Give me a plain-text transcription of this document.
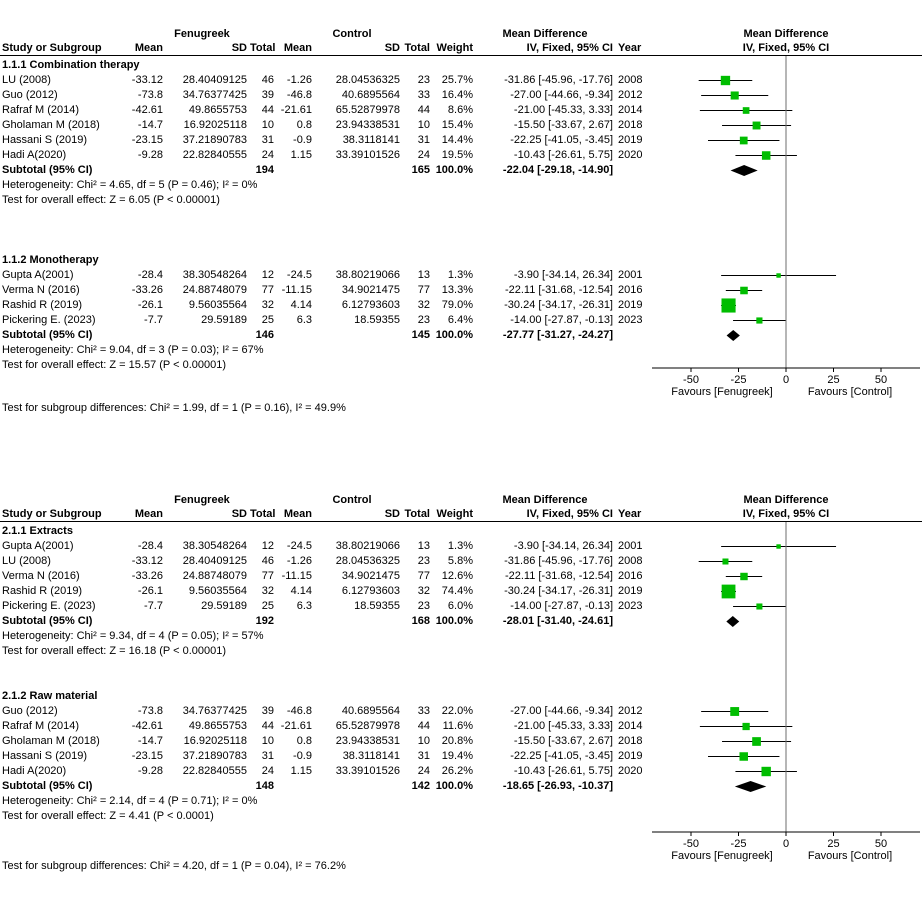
Fenugreek	Control	Mean Difference	Mean Difference
Study or Subgroup	Mean	SD Total Mean	SD Total Weight	IV, Fixed, 95% CI Year	IV, Fixed, 95% CI
1.1.1 Combination therapy
LU (2008)	-33.12	28.40409125	46	-1.26	28.04536325	23	25.7%	-31.86 [-45.96, -17.76] 2008
Guo (2012)	-73.8	34.76377425	39	-46.8	40.6895564	33	16.4%	-27.00 [-44.66, -9.34] 2012
Rafraf M (2014)	-42.61	49.8655753	44 -21.61	65.52879978	44	8.6%	-21.00 [-45.33, 3.33] 2014
Gholaman M (2018)	-14.7	16.92025118	10	0.8	23.94338531	10	15.4%	-15.50 [-33.67, 2.67] 2018
Hassani S (2019)	-23.15	37.21890783	31	-0.9	38.3118141	31	14.4%	-22.25 [-41.05, -3.45] 2019
Hadi A(2020)	-9.28	22.82840555	24	1.15	33.39101526	24	19.5%	-10.43 [-26.61, 5.75] 2020
Subtotal (95% CI)	194	165 100.0%	-22.04 [-29.18, -14.90]
Heterogeneity: Chi² = 4.65, df = 5 (P = 0.46); I² = 0%
Test for overall effect: Z = 6.05 (P < 0.00001)
1.1.2 Monotherapy
Gupta A(2001)	-28.4	38.30548264	12	-24.5	38.80219066	13	1.3%	-3.90 [-34.14, 26.34] 2001
Verma N (2016)	-33.26	24.88748079	77 -11.15	34.9021475	77	13.3%	-22.11 [-31.68, -12.54] 2016
Rashid R (2019)	-26.1	9.56035564	32	4.14	6.12793603	32	79.0%	-30.24 [-34.17, -26.31] 2019
Pickering E. (2023)	-7.7	29.59189	25	6.3	18.59355	23	6.4%	-14.00 [-27.87, -0.13] 2023
Subtotal (95% CI)	146	145 100.0%	-27.77 [-31.27, -24.27]
Heterogeneity: Chi² = 9.04, df = 3 (P = 0.03); I² = 67%
Test for overall effect: Z = 15.57 (P < 0.00001)
-50	-25	0	25	50
Favours [Fenugreek]	Favours [Control]
Test for subgroup differences: Chi² = 1.99, df = 1 (P = 0.16), I² = 49.9%
Fenugreek	Control	Mean Difference	Mean Difference
Study or Subgroup	Mean	SD Total Mean	SD Total Weight	IV, Fixed, 95% CI Year	IV, Fixed, 95% CI
2.1.1 Extracts
Gupta A(2001)	-28.4	38.30548264	12	-24.5	38.80219066	13	1.3%	-3.90 [-34.14, 26.34] 2001
LU (2008)	-33.12	28.40409125	46	-1.26	28.04536325	23	5.8%	-31.86 [-45.96, -17.76] 2008
Verma N (2016)	-33.26	24.88748079	77 -11.15	34.9021475	77	12.6%	-22.11 [-31.68, -12.54] 2016
Rashid R (2019)	-26.1	9.56035564	32	4.14	6.12793603	32	74.4%	-30.24 [-34.17, -26.31] 2019
Pickering E. (2023)	-7.7	29.59189	25	6.3	18.59355	23	6.0%	-14.00 [-27.87, -0.13] 2023
Subtotal (95% CI)	192	168 100.0%	-28.01 [-31.40, -24.61]
Heterogeneity: Chi² = 9.34, df = 4 (P = 0.05); I² = 57%
Test for overall effect: Z = 16.18 (P < 0.00001)
2.1.2 Raw material
Guo (2012)	-73.8	34.76377425	39	-46.8	40.6895564	33	22.0%	-27.00 [-44.66, -9.34] 2012
Rafraf M (2014)	-42.61	49.8655753	44 -21.61	65.52879978	44	11.6%	-21.00 [-45.33, 3.33] 2014
Gholaman M (2018)	-14.7	16.92025118	10	0.8	23.94338531	10	20.8%	-15.50 [-33.67, 2.67] 2018
Hassani S (2019)	-23.15	37.21890783	31	-0.9	38.3118141	31	19.4%	-22.25 [-41.05, -3.45] 2019
Hadi A(2020)	-9.28	22.82840555	24	1.15	33.39101526	24	26.2%	-10.43 [-26.61, 5.75] 2020
Subtotal (95% CI)	148	142 100.0%	-18.65 [-26.93, -10.37]
Heterogeneity: Chi² = 2.14, df = 4 (P = 0.71); I² = 0%
Test for overall effect: Z = 4.41 (P < 0.0001)
-50	-25	0	25	50
Favours [Fenugreek]	Favours [Control]
Test for subgroup differences: Chi² = 4.20, df = 1 (P = 0.04), I² = 76.2%
